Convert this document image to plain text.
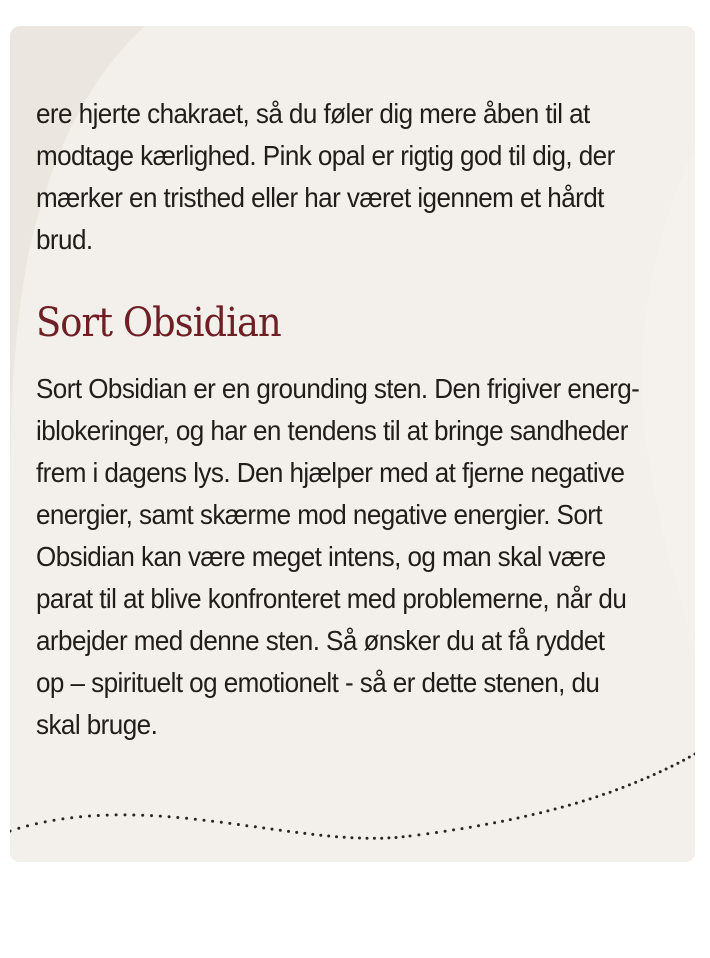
ere hjerte chakraet, så du føler dig mere åben til at
modtage kærlighed. Pink opal er rigtig god til dig, der
mærker en tristhed eller har været igennem et hårdt
brud.
Sort Obsidian
Sort Obsidian er en grounding sten. Den frigiver energ-
iblokeringer, og har en tendens til at bringe sandheder
frem i dagens lys. Den hjælper med at fjerne negative
energier, samt skærme mod negative energier. Sort
Obsidian kan være meget intens, og man skal være
parat til at blive konfronteret med problemerne, når du
arbejder med denne sten. Så ønsker du at få ryddet
op – spirituelt og emotionelt - så er dette stenen, du
skal bruge.
